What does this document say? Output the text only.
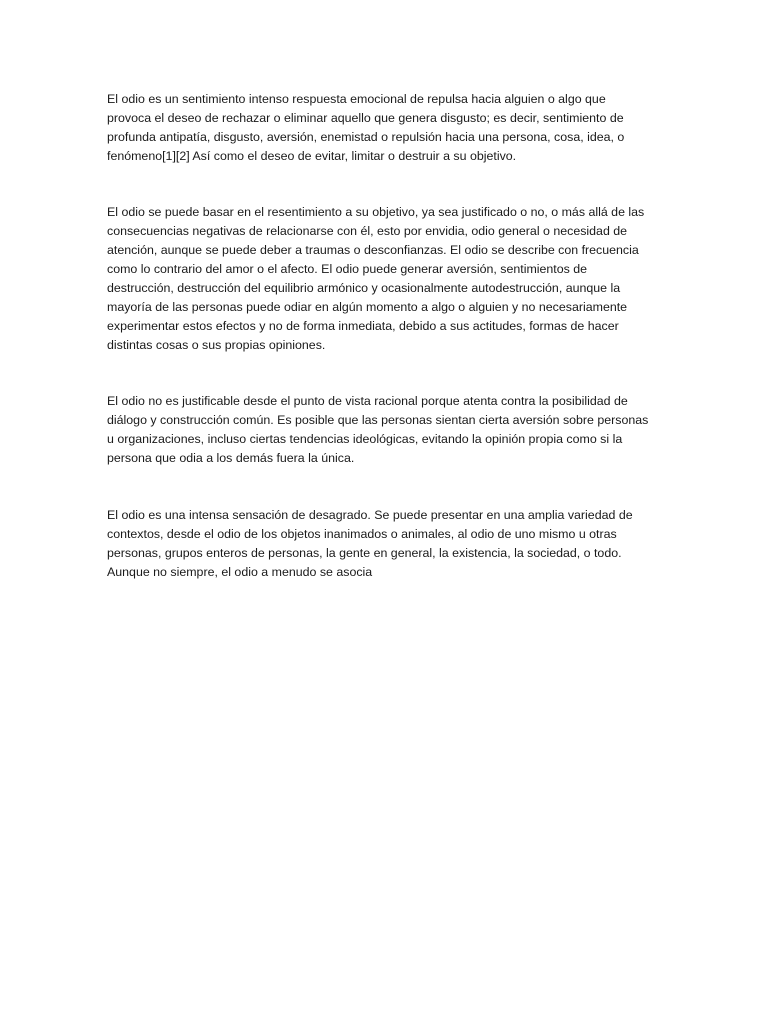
El odio es un sentimiento intenso respuesta emocional de repulsa hacia alguien o algo que
provoca el deseo de rechazar o eliminar aquello que genera disgusto; es decir, sentimiento de
profunda antipatía, disgusto, aversión, enemistad o repulsión hacia una persona, cosa, idea, o
fenómeno[1][2] Así como el deseo de evitar, limitar o destruir a su objetivo.

El odio se puede basar en el resentimiento a su objetivo, ya sea justificado o no, o más allá de las
consecuencias negativas de relacionarse con él, esto por envidia, odio general o necesidad de
atención, aunque se puede deber a traumas o desconfianzas. El odio se describe con frecuencia
como lo contrario del amor o el afecto. El odio puede generar aversión, sentimientos de
destrucción, destrucción del equilibrio armónico y ocasionalmente autodestrucción, aunque la
mayoría de las personas puede odiar en algún momento a algo o alguien y no necesariamente
experimentar estos efectos y no de forma inmediata, debido a sus actitudes, formas de hacer
distintas cosas o sus propias opiniones.

El odio no es justificable desde el punto de vista racional porque atenta contra la posibilidad de
diálogo y construcción común. Es posible que las personas sientan cierta aversión sobre personas
u organizaciones, incluso ciertas tendencias ideológicas, evitando la opinión propia como si la
persona que odia a los demás fuera la única.

El odio es una intensa sensación de desagrado. Se puede presentar en una amplia variedad de
contextos, desde el odio de los objetos inanimados o animales, al odio de uno mismo u otras
personas, grupos enteros de personas, la gente en general, la existencia, la sociedad, o todo.
Aunque no siempre, el odio a menudo se asocia
